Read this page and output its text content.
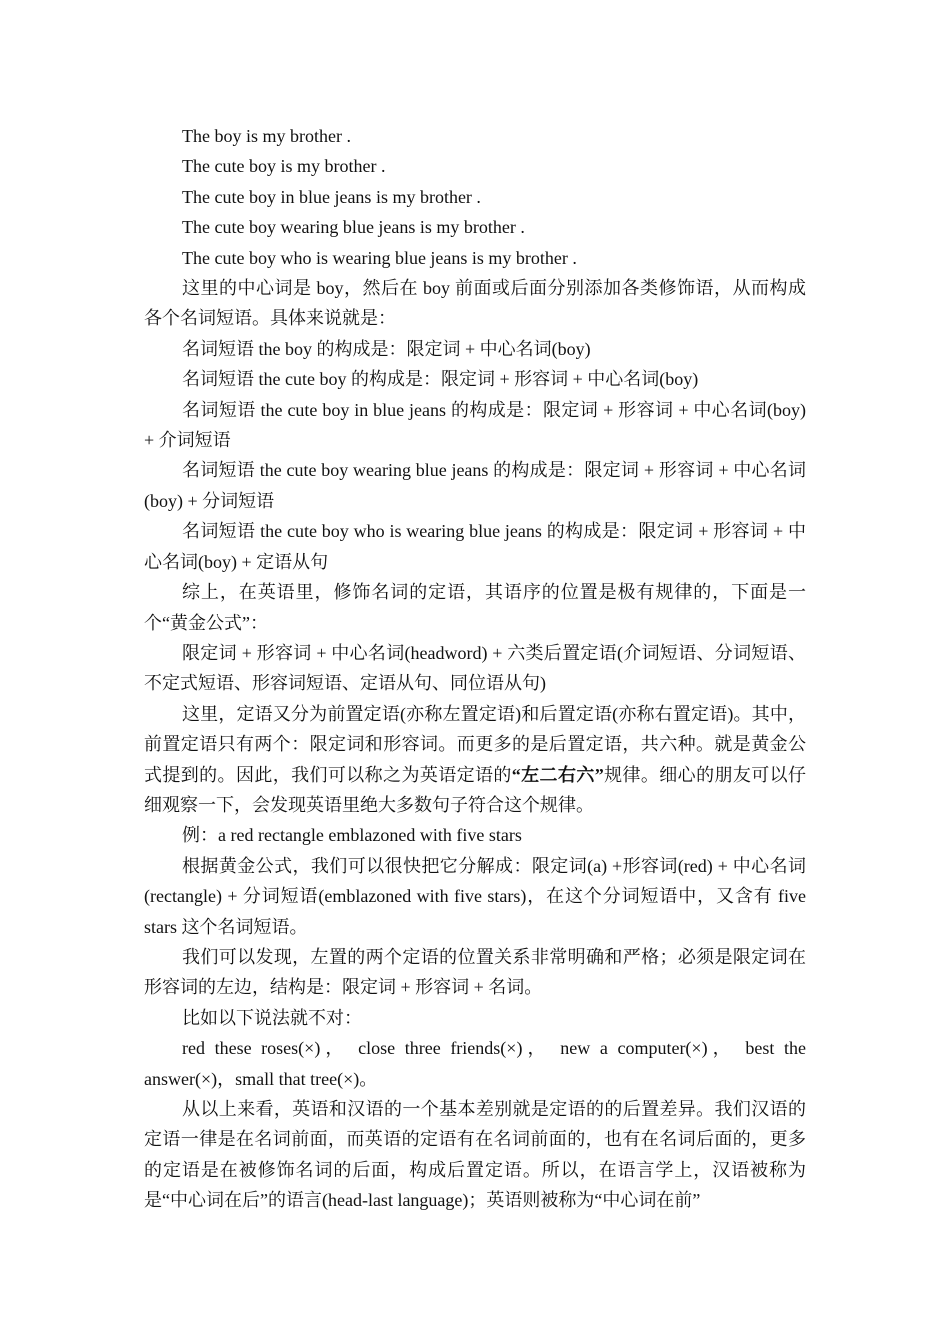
The boy is my brother .

The cute boy is my brother .

The cute boy in blue jeans is my brother .

The cute boy wearing blue jeans is my brother .

The cute boy who is wearing blue jeans is my brother .

这里的中心词是 boy，然后在 boy 前面或后面分别添加各类修饰语，从而构成各个名词短语。具体来说就是：

名词短语 the boy 的构成是：限定词 + 中心名词(boy)

名词短语 the cute boy 的构成是：限定词 + 形容词 + 中心名词(boy)

名词短语 the cute boy in blue jeans 的构成是：限定词 + 形容词 + 中心名词(boy) + 介词短语

名词短语 the cute boy wearing blue jeans 的构成是：限定词 + 形容词 + 中心名词(boy) + 分词短语

名词短语 the cute boy who is wearing blue jeans 的构成是：限定词 + 形容词 + 中心名词(boy) + 定语从句

综上，在英语里，修饰名词的定语，其语序的位置是极有规律的，下面是一个“黄金公式”：

限定词 + 形容词 + 中心名词(headword) + 六类后置定语(介词短语、分词短语、不定式短语、形容词短语、定语从句、同位语从句)

这里，定语又分为前置定语(亦称左置定语)和后置定语(亦称右置定语)。其中，前置定语只有两个：限定词和形容词。而更多的是后置定语，共六种。就是黄金公式提到的。因此，我们可以称之为英语定语的“左二右六”规律。细心的朋友可以仔细观察一下，会发现英语里绝大多数句子符合这个规律。

例：a red rectangle emblazoned with five stars

根据黄金公式，我们可以很快把它分解成：限定词(a) +形容词(red) + 中心名词(rectangle) + 分词短语(emblazoned with five stars)，在这个分词短语中，又含有 five stars 这个名词短语。

我们可以发现，左置的两个定语的位置关系非常明确和严格；必须是限定词在形容词的左边，结构是：限定词 + 形容词 + 名词。

比如以下说法就不对：

red these roses(×)， close three friends(×)， new a computer(×)， best the answer(×)，small that tree(×)。

从以上来看，英语和汉语的一个基本差别就是定语的的后置差异。我们汉语的定语一律是在名词前面，而英语的定语有在名词前面的，也有在名词后面的，更多的定语是在被修饰名词的后面，构成后置定语。所以，在语言学上，汉语被称为是“中心词在后”的语言(head-last language)；英语则被称为“中心词在前”
